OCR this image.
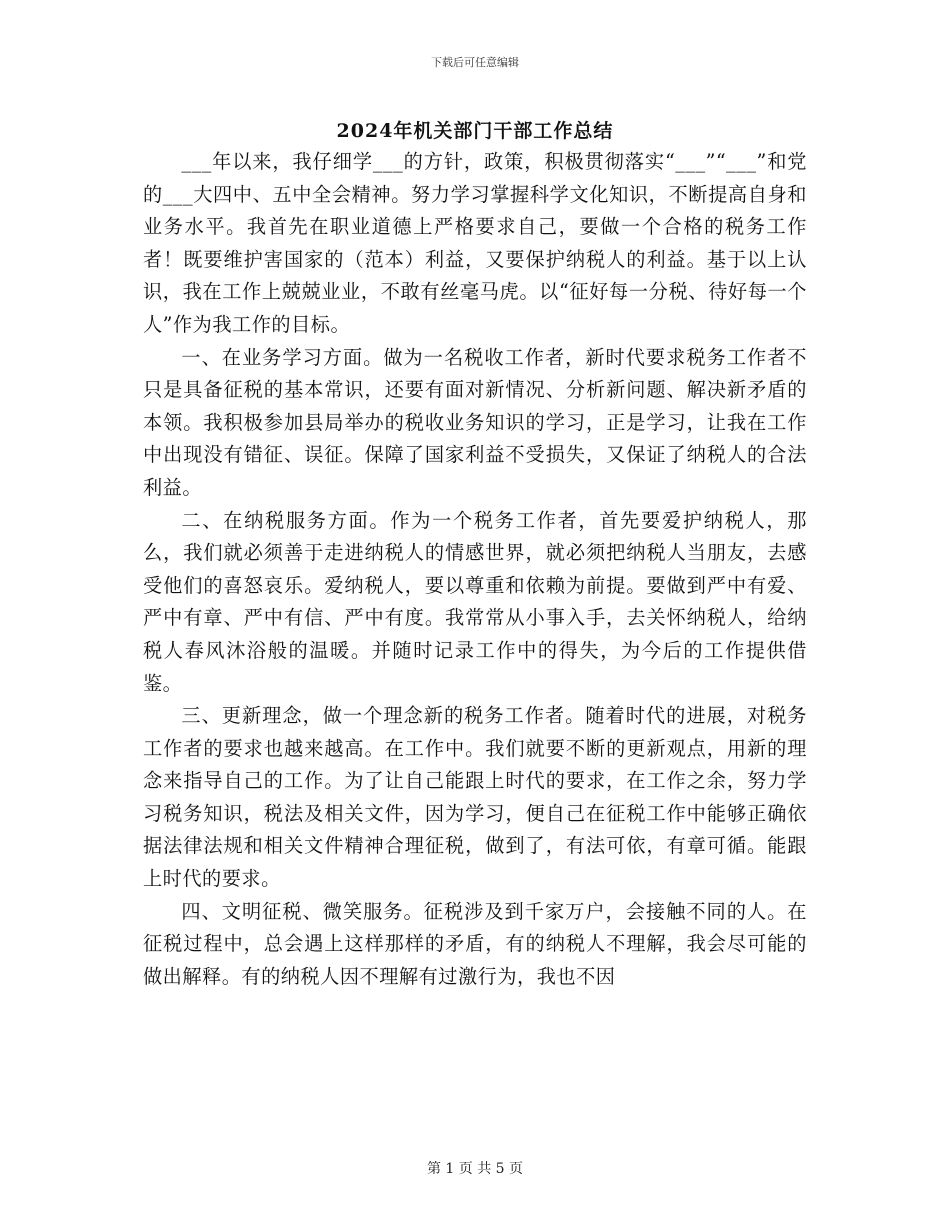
下载后可任意编辑
2024年机关部门干部工作总结

___年以来，我仔细学___的方针，政策，积极贯彻落实“___”“___”和党的___大四中、五中全会精神。努力学习掌握科学文化知识，不断提高自身和业务水平。我首先在职业道德上严格要求自己，要做一个合格的税务工作者！既要维护害国家的（范本）利益，又要保护纳税人的利益。基于以上认识，我在工作上兢兢业业，不敢有丝毫马虎。以“征好每一分税、待好每一个人”作为我工作的目标。

一、在业务学习方面。做为一名税收工作者，新时代要求税务工作者不只是具备征税的基本常识，还要有面对新情况、分析新问题、解决新矛盾的本领。我积极参加县局举办的税收业务知识的学习，正是学习，让我在工作中出现没有错征、误征。保障了国家利益不受损失，又保证了纳税人的合法利益。

二、在纳税服务方面。作为一个税务工作者，首先要爱护纳税人，那么，我们就必须善于走进纳税人的情感世界，就必须把纳税人当朋友，去感受他们的喜怒哀乐。爱纳税人，要以尊重和依赖为前提。要做到严中有爱、严中有章、严中有信、严中有度。我常常从小事入手，去关怀纳税人，给纳税人春风沐浴般的温暖。并随时记录工作中的得失，为今后的工作提供借鉴。

三、更新理念，做一个理念新的税务工作者。随着时代的进展，对税务工作者的要求也越来越高。在工作中。我们就要不断的更新观点，用新的理念来指导自己的工作。为了让自己能跟上时代的要求，在工作之余，努力学习税务知识，税法及相关文件，因为学习，便自己在征税工作中能够正确依据法律法规和相关文件精神合理征税，做到了，有法可依，有章可循。能跟上时代的要求。

四、文明征税、微笑服务。征税涉及到千家万户，会接触不同的人。在征税过程中，总会遇上这样那样的矛盾，有的纳税人不理解，我会尽可能的做出解释。有的纳税人因不理解有过激行为，我也不因

第 1 页 共 5 页
